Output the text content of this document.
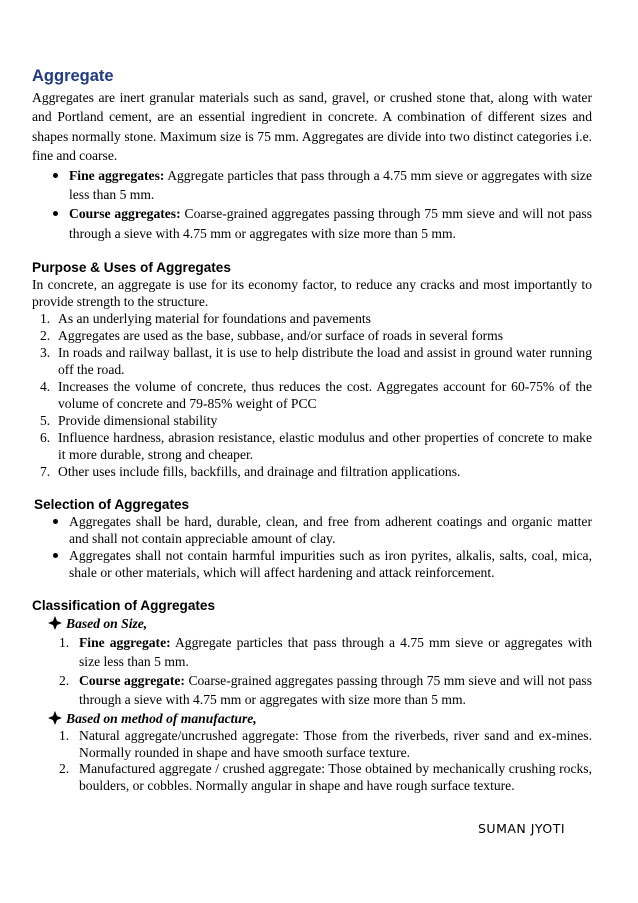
Aggregate

Aggregates are inert granular materials such as sand, gravel, or crushed stone that, along with water and Portland cement, are an essential ingredient in concrete. A combination of different sizes and shapes normally stone. Maximum size is 75 mm. Aggregates are divide into two distinct categories i.e. fine and coarse.

Fine aggregates: Aggregate particles that pass through a 4.75 mm sieve or aggregates with size less than 5 mm.
Course aggregates: Coarse-grained aggregates passing through 75 mm sieve and will not pass through a sieve with 4.75 mm or aggregates with size more than 5 mm.
Purpose & Uses of Aggregates

In concrete, an aggregate is use for its economy factor, to reduce any cracks and most importantly to provide strength to the structure.

1. As an underlying material for foundations and pavements
2. Aggregates are used as the base, subbase, and/or surface of roads in several forms
3. In roads and railway ballast, it is use to help distribute the load and assist in ground water running off the road.
4. Increases the volume of concrete, thus reduces the cost. Aggregates account for 60-75% of the volume of concrete and 79-85% weight of PCC
5. Provide dimensional stability
6. Influence hardness, abrasion resistance, elastic modulus and other properties of concrete to make it more durable, strong and cheaper.
7. Other uses include fills, backfills, and drainage and filtration applications.
Selection of Aggregates
Aggregates shall be hard, durable, clean, and free from adherent coatings and organic matter and shall not contain appreciable amount of clay.
Aggregates shall not contain harmful impurities such as iron pyrites, alkalis, salts, coal, mica, shale or other materials, which will affect hardening and attack reinforcement.
Classification of Aggregates
Based on Size,
1. Fine aggregate: Aggregate particles that pass through a 4.75 mm sieve or aggregates with size less than 5 mm.
2. Course aggregate: Coarse-grained aggregates passing through 75 mm sieve and will not pass through a sieve with 4.75 mm or aggregates with size more than 5 mm.
Based on method of manufacture,
1. Natural aggregate/uncrushed aggregate: Those from the riverbeds, river sand and ex-mines. Normally rounded in shape and have smooth surface texture.
2. Manufactured aggregate / crushed aggregate: Those obtained by mechanically crushing rocks, boulders, or cobbles. Normally angular in shape and have rough surface texture.
SUMAN JYOTI
